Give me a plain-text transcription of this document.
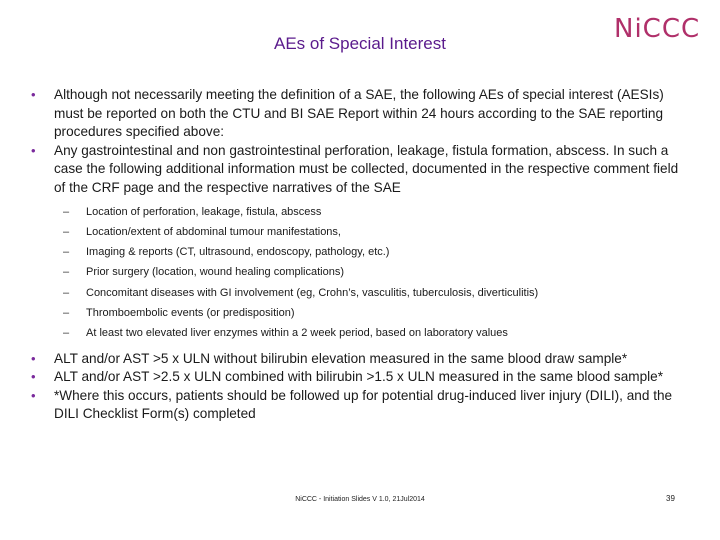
AEs of Special Interest	NiCCC
• Although not necessarily meeting the definition of a SAE, the following AEs of special interest (AESIs) must be reported on both the CTU and BI SAE Report within 24 hours according to the SAE reporting procedures specified above:
• Any gastrointestinal and non gastrointestinal perforation, leakage, fistula formation, abscess. In such a case the following additional information must be collected, documented in the respective comment field of the CRF page and the respective narratives of the SAE
– Location of perforation, leakage, fistula, abscess
– Location/extent of abdominal tumour manifestations,
– Imaging & reports (CT, ultrasound, endoscopy, pathology, etc.)
– Prior surgery (location, wound healing complications)
– Concomitant diseases with GI involvement (eg, Crohn’s, vasculitis, tuberculosis, diverticulitis)
– Thromboembolic events (or predisposition)
– At least two elevated liver enzymes within a 2 week period, based on laboratory values
• ALT and/or AST >5 x ULN without bilirubin elevation measured in the same blood draw sample*
• ALT and/or AST >2.5 x ULN combined with bilirubin >1.5 x ULN measured in the same blood sample*
• *Where this occurs, patients should be followed up for potential drug-induced liver injury (DILI), and the DILI Checklist Form(s) completed
NiCCC - Initiation Slides V 1.0, 21Jul2014	39
